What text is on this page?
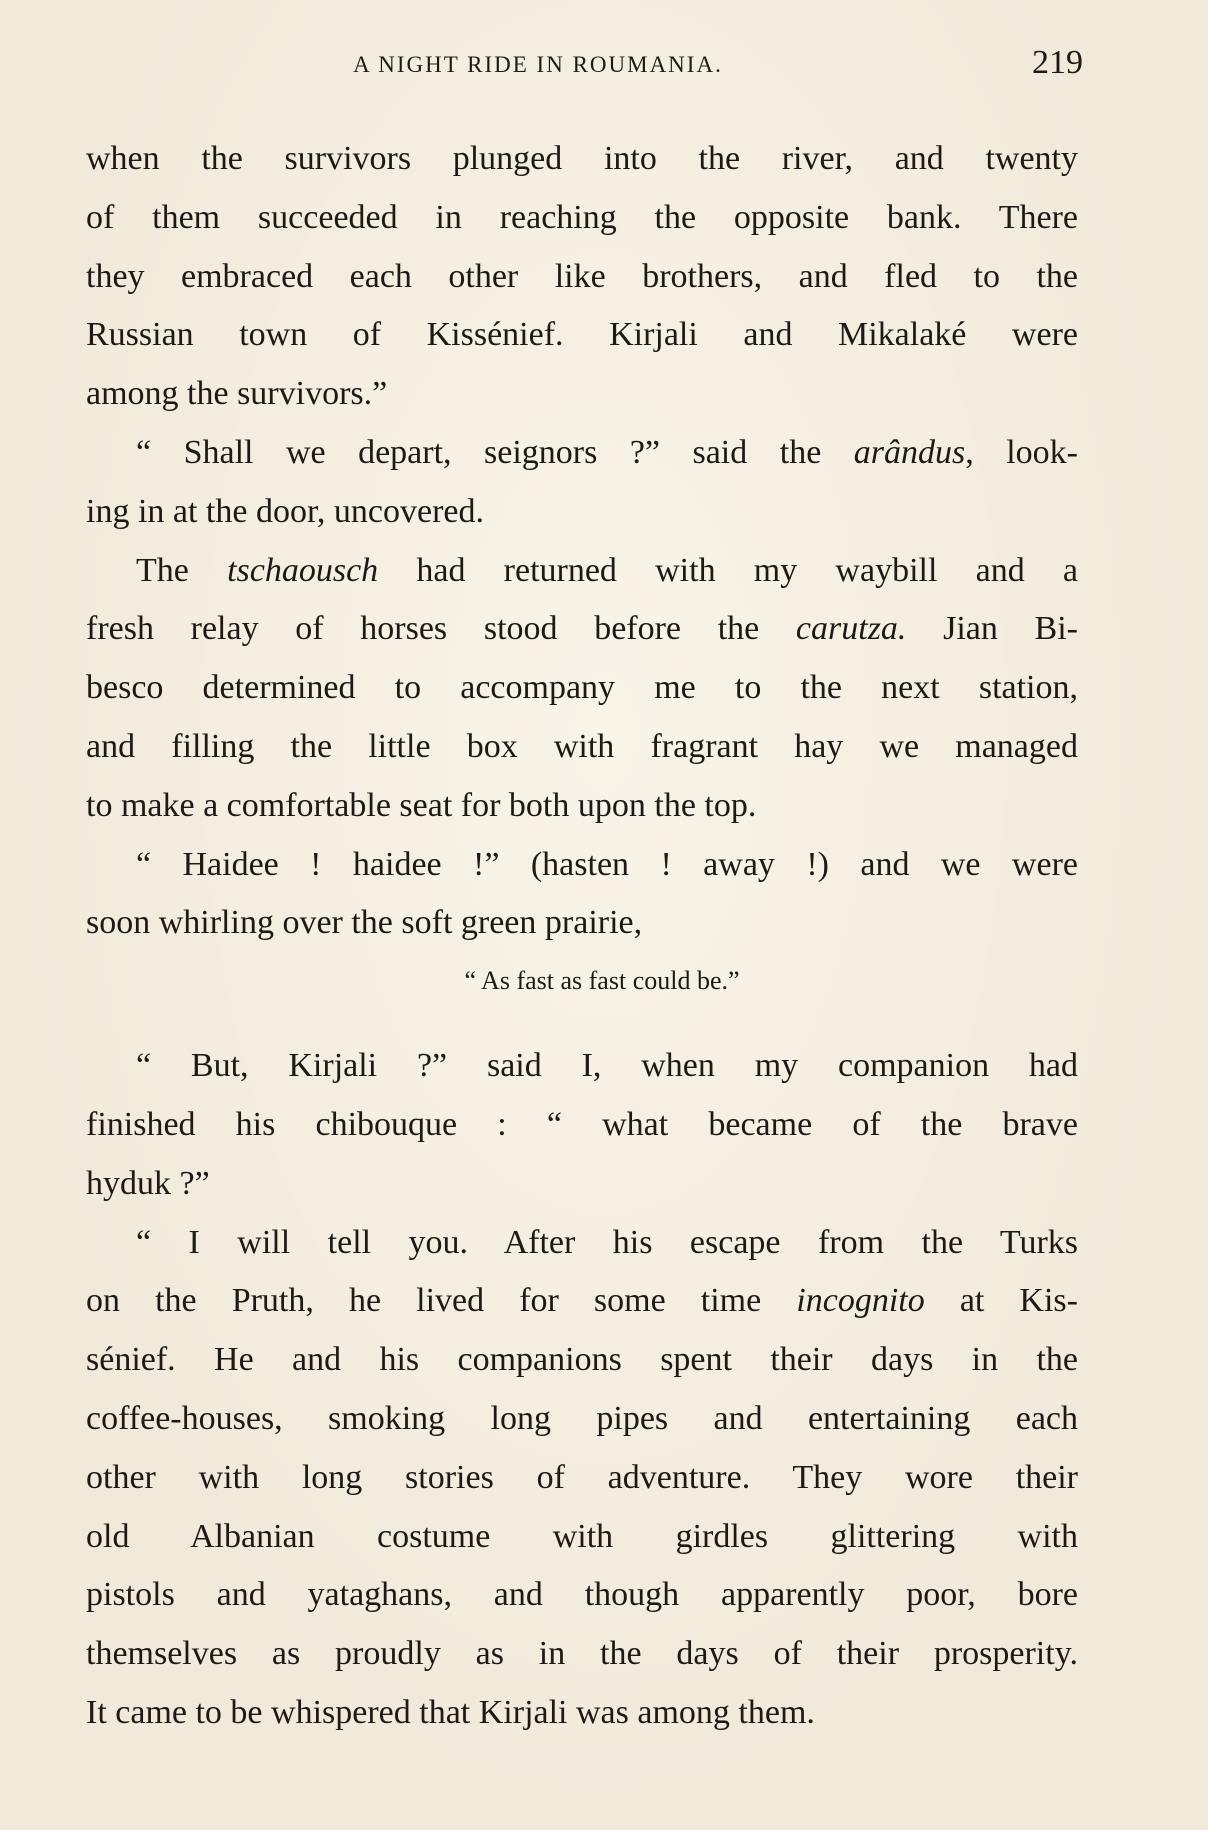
A NIGHT RIDE IN ROUMANIA.	219
when the survivors plunged into the river, and twenty
of them succeeded in reaching the opposite bank. There
they embraced each other like brothers, and fled to the
Russian town of Kissénief. Kirjali and Mikalaké were
among the survivors.”
“ Shall we depart, seignors ?” said the arândus, look-
ing in at the door, uncovered.
The tschaousch had returned with my waybill and a
fresh relay of horses stood before the carutza. Jian Bi-
besco determined to accompany me to the next station,
and filling the little box with fragrant hay we managed
to make a comfortable seat for both upon the top.
“ Haidee ! haidee !” (hasten ! away !) and we were
soon whirling over the soft green prairie,
“ As fast as fast could be.”
“ But, Kirjali ?” said I, when my companion had
finished his chibouque : “ what became of the brave
hyduk ?”
“ I will tell you. After his escape from the Turks
on the Pruth, he lived for some time incognito at Kis-
sénief. He and his companions spent their days in the
coffee-houses, smoking long pipes and entertaining each
other with long stories of adventure. They wore their
old Albanian costume with girdles glittering with
pistols and yataghans, and though apparently poor, bore
themselves as proudly as in the days of their prosperity.
It came to be whispered that Kirjali was among them.
